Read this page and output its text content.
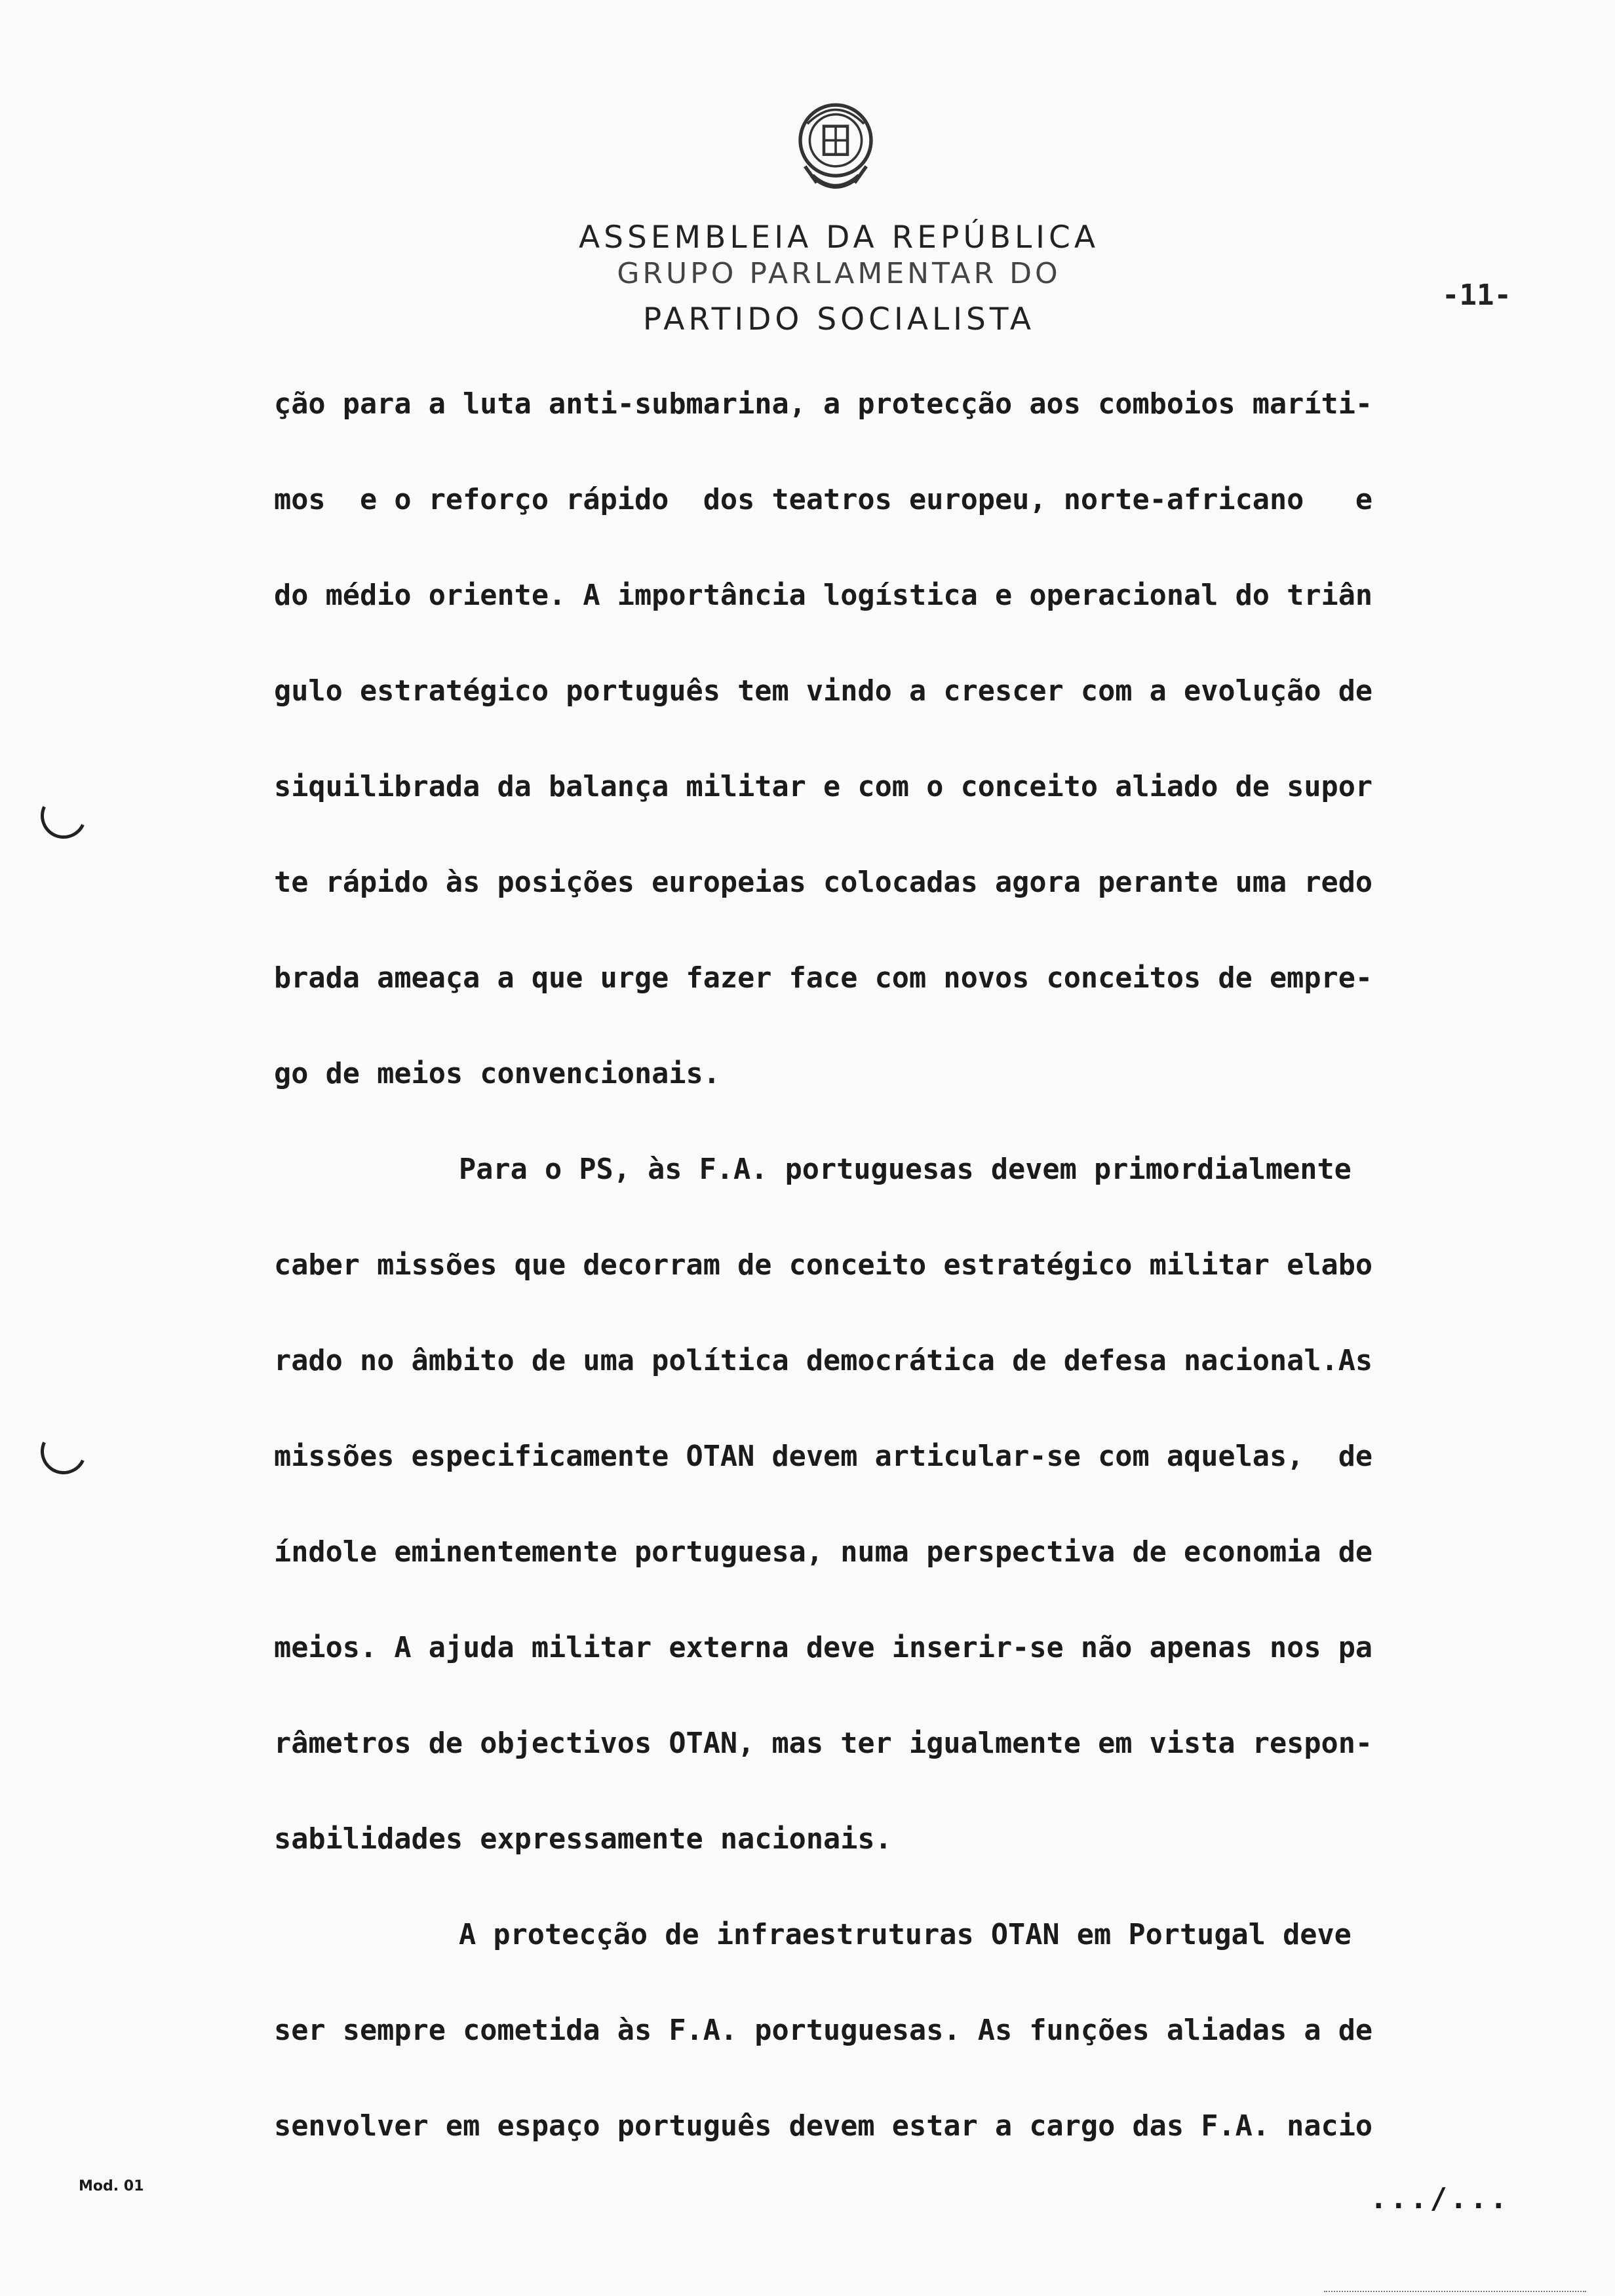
ASSEMBLEIA DA REPÚBLICA
GRUPO PARLAMENTAR DO
PARTIDO SOCIALISTA
-11-
ção para a luta anti-submarina, a protecção aos comboios maríti-
mos  e o reforço rápido  dos teatros europeu, norte-africano   e
do médio oriente. A importância logística e operacional do triân
gulo estratégico português tem vindo a crescer com a evolução de
siquilibrada da balança militar e com o conceito aliado de supor
te rápido às posições europeias colocadas agora perante uma redo
brada ameaça a que urge fazer face com novos conceitos de empre-
go de meios convencionais.
Para o PS, às F.A. portuguesas devem primordialmente
caber missões que decorram de conceito estratégico militar elabo
rado no âmbito de uma política democrática de defesa nacional.As
missões especificamente OTAN devem articular-se com aquelas,  de
índole eminentemente portuguesa, numa perspectiva de economia de
meios. A ajuda militar externa deve inserir-se não apenas nos pa
râmetros de objectivos OTAN, mas ter igualmente em vista respon-
sabilidades expressamente nacionais.
A protecção de infraestruturas OTAN em Portugal deve
ser sempre cometida às F.A. portuguesas. As funções aliadas a de
senvolver em espaço português devem estar a cargo das F.A. nacio
.../...
Mod. 01
